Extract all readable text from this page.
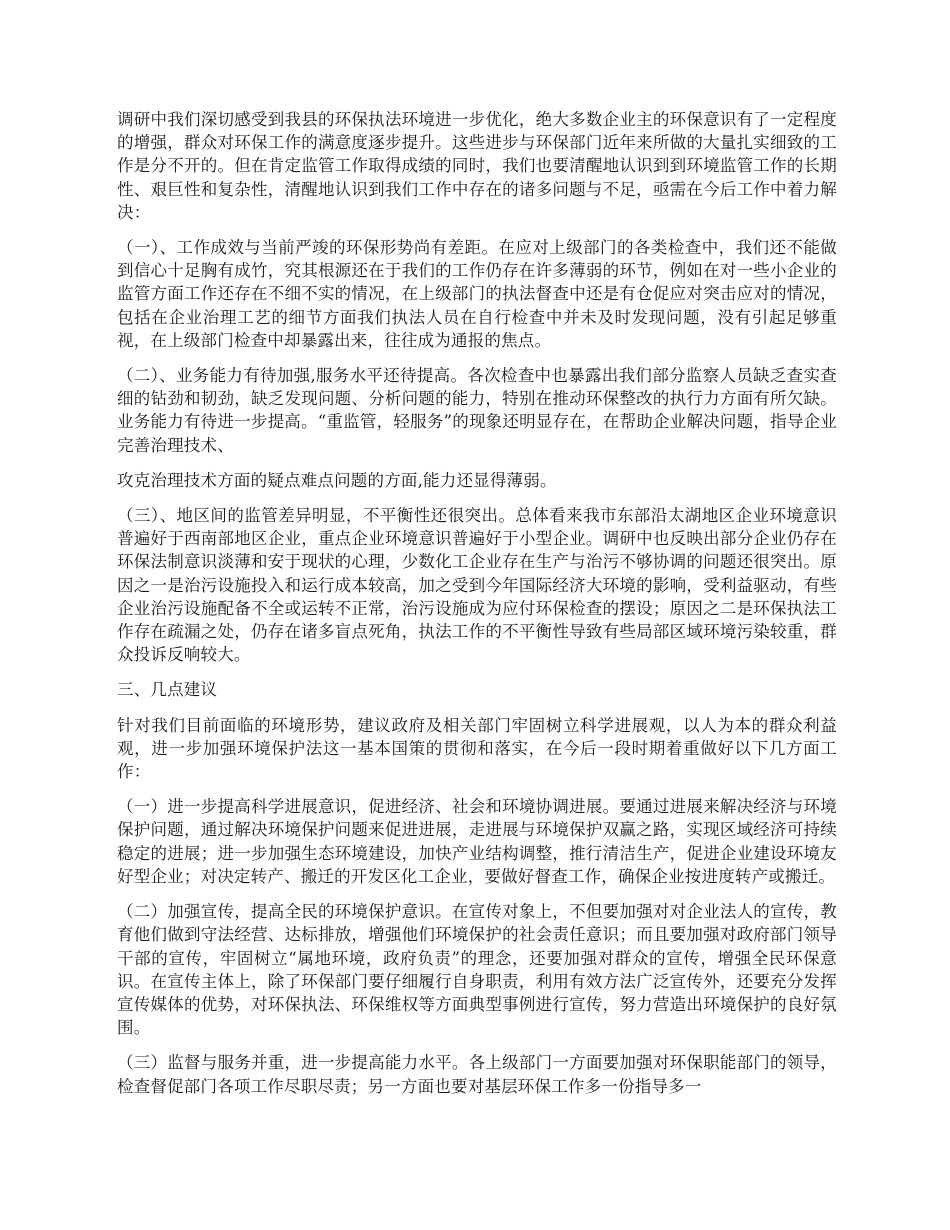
调研中我们深切感受到我县的环保执法环境进一步优化，绝大多数企业主的环保意识有了一定程度的增强，群众对环保工作的满意度逐步提升。这些进步与环保部门近年来所做的大量扎实细致的工作是分不开的。但在肯定监管工作取得成绩的同时，我们也要清醒地认识到到环境监管工作的长期性、艰巨性和复杂性，清醒地认识到我们工作中存在的诸多问题与不足，亟需在今后工作中着力解决：

（一）、工作成效与当前严竣的环保形势尚有差距。在应对上级部门的各类检查中，我们还不能做到信心十足胸有成竹，究其根源还在于我们的工作仍存在许多薄弱的环节，例如在对一些小企业的监管方面工作还存在不细不实的情况，在上级部门的执法督查中还是有仓促应对突击应对的情况，包括在企业治理工艺的细节方面我们执法人员在自行检查中并未及时发现问题，没有引起足够重视，在上级部门检查中却暴露出来，往往成为通报的焦点。

（二）、业务能力有待加强,服务水平还待提高。各次检查中也暴露出我们部分监察人员缺乏查实查细的钻劲和韧劲，缺乏发现问题、分析问题的能力，特别在推动环保整改的执行力方面有所欠缺。业务能力有待进一步提高。“重监管，轻服务”的现象还明显存在，在帮助企业解决问题，指导企业完善治理技术、

攻克治理技术方面的疑点难点问题的方面,能力还显得薄弱。

（三）、地区间的监管差异明显，不平衡性还很突出。总体看来我市东部沿太湖地区企业环境意识普遍好于西南部地区企业，重点企业环境意识普遍好于小型企业。调研中也反映出部分企业仍存在环保法制意识淡薄和安于现状的心理，少数化工企业存在生产与治污不够协调的问题还很突出。原因之一是治污设施投入和运行成本较高，加之受到今年国际经济大环境的影响，受利益驱动，有些企业治污设施配备不全或运转不正常，治污设施成为应付环保检查的摆设；原因之二是环保执法工作存在疏漏之处，仍存在诸多盲点死角，执法工作的不平衡性导致有些局部区域环境污染较重，群众投诉反响较大。

三、几点建议

针对我们目前面临的环境形势，建议政府及相关部门牢固树立科学进展观，以人为本的群众利益观，进一步加强环境保护法这一基本国策的贯彻和落实，在今后一段时期着重做好以下几方面工作：

（一）进一步提高科学进展意识，促进经济、社会和环境协调进展。要通过进展来解决经济与环境保护问题，通过解决环境保护问题来促进进展，走进展与环境保护双赢之路，实现区域经济可持续稳定的进展；进一步加强生态环境建设，加快产业结构调整，推行清洁生产，促进企业建设环境友好型企业；对决定转产、搬迁的开发区化工企业，要做好督查工作，确保企业按进度转产或搬迁。

（二）加强宣传，提高全民的环境保护意识。在宣传对象上，不但要加强对对企业法人的宣传，教育他们做到守法经营、达标排放，增强他们环境保护的社会责任意识；而且要加强对政府部门领导干部的宣传，牢固树立“属地环境，政府负责”的理念，还要加强对群众的宣传，增强全民环保意识。在宣传主体上，除了环保部门要仔细履行自身职责，利用有效方法广泛宣传外，还要充分发挥宣传媒体的优势，对环保执法、环保维权等方面典型事例进行宣传，努力营造出环境保护的良好氛围。

（三）监督与服务并重，进一步提高能力水平。各上级部门一方面要加强对环保职能部门的领导，检查督促部门各项工作尽职尽责；另一方面也要对基层环保工作多一份指导多一
